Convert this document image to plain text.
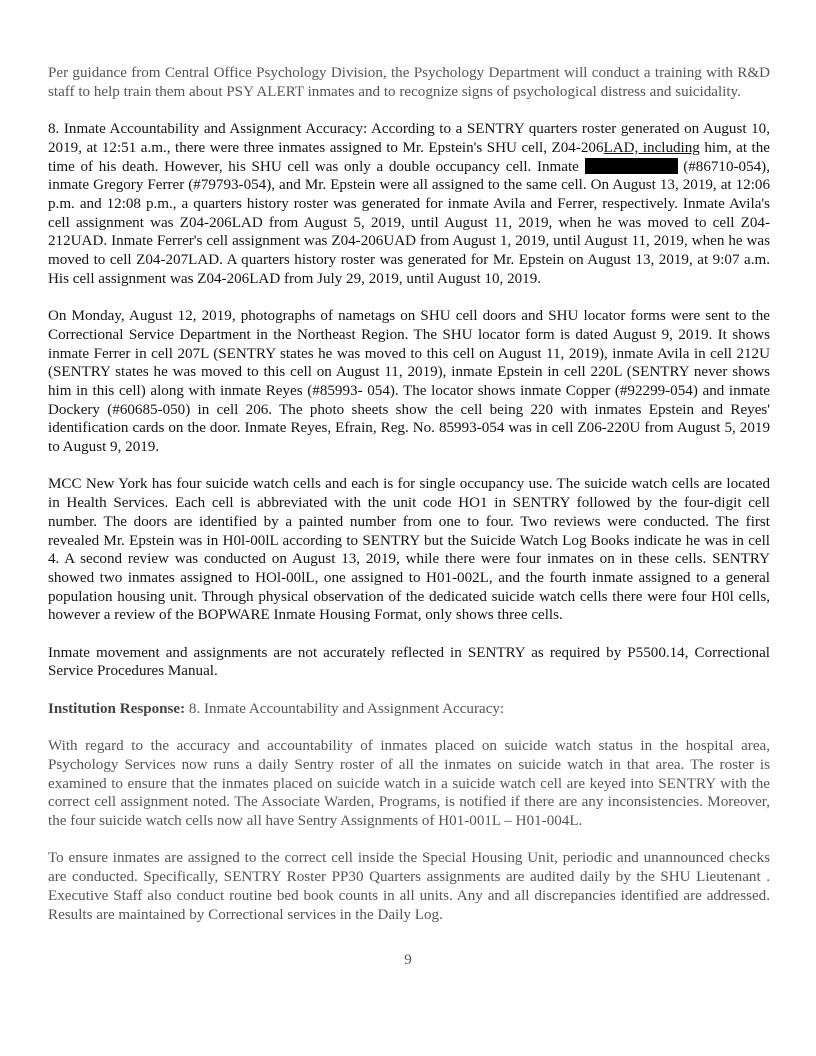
Per guidance from Central Office Psychology Division, the Psychology Department will conduct a training with R&D staff to help train them about PSY ALERT inmates and to recognize signs of psychological distress and suicidality.

8. Inmate Accountability and Assignment Accuracy: According to a SENTRY quarters roster generated on August 10, 2019, at 12:51 a.m., there were three inmates assigned to Mr. Epstein's SHU cell, Z04-206LAD, including him, at the time of his death. However, his SHU cell was only a double occupancy cell. Inmate	(#86710-054), inmate Gregory Ferrer (#79793-054), and Mr. Epstein were all assigned to the same cell. On August 13, 2019, at 12:06 p.m. and 12:08 p.m., a quarters history roster was generated for inmate Avila and Ferrer, respectively. Inmate Avila's cell assignment was Z04-206LAD from August 5, 2019, until August 11, 2019, when he was moved to cell Z04-212UAD. Inmate Ferrer's cell assignment was Z04-206UAD from August 1, 2019, until August 11, 2019, when he was moved to cell Z04-207LAD. A quarters history roster was generated for Mr. Epstein on August 13, 2019, at 9:07 a.m. His cell assignment was Z04-206LAD from July 29, 2019, until August 10, 2019.

On Monday, August 12, 2019, photographs of nametags on SHU cell doors and SHU locator forms were sent to the Correctional Service Department in the Northeast Region. The SHU locator form is dated August 9, 2019. It shows inmate Ferrer in cell 207L (SENTRY states he was moved to this cell on August 11, 2019), inmate Avila in cell 212U (SENTRY states he was moved to this cell on August 11, 2019), inmate Epstein in cell 220L (SENTRY never shows him in this cell) along with inmate Reyes (#85993- 054). The locator shows inmate Copper (#92299-054) and inmate Dockery (#60685-050) in cell 206. The photo sheets show the cell being 220 with inmates Epstein and Reyes' identification cards on the door. Inmate Reyes, Efrain, Reg. No. 85993-054 was in cell Z06-220U from August 5, 2019 to August 9, 2019.

MCC New York has four suicide watch cells and each is for single occupancy use. The suicide watch cells are located in Health Services. Each cell is abbreviated with the unit code HO1 in SENTRY followed by the four-digit cell number. The doors are identified by a painted number from one to four. Two reviews were conducted. The first revealed Mr. Epstein was in H0l-00lL according to SENTRY but the Suicide Watch Log Books indicate he was in cell 4. A second review was conducted on August 13, 2019, while there were four inmates on in these cells. SENTRY showed two inmates assigned to HOl-00lL, one assigned to H01-002L, and the fourth inmate assigned to a general population housing unit. Through physical observation of the dedicated suicide watch cells there were four H0l cells, however a review of the BOPWARE Inmate Housing Format, only shows three cells.

Inmate movement and assignments are not accurately reflected in SENTRY as required by P5500.14, Correctional Service Procedures Manual.

Institution Response: 8. Inmate Accountability and Assignment Accuracy:

With regard to the accuracy and accountability of inmates placed on suicide watch status in the hospital area, Psychology Services now runs a daily Sentry roster of all the inmates on suicide watch in that area. The roster is examined to ensure that the inmates placed on suicide watch in a suicide watch cell are keyed into SENTRY with the correct cell assignment noted. The Associate Warden, Programs, is notified if there are any inconsistencies. Moreover, the four suicide watch cells now all have Sentry Assignments of H01-001L – H01-004L.

To ensure inmates are assigned to the correct cell inside the Special Housing Unit, periodic and unannounced checks are conducted. Specifically, SENTRY Roster PP30 Quarters assignments are audited daily by the SHU Lieutenant . Executive Staff also conduct routine bed book counts in all units. Any and all discrepancies identified are addressed. Results are maintained by Correctional services in the Daily Log.

9
